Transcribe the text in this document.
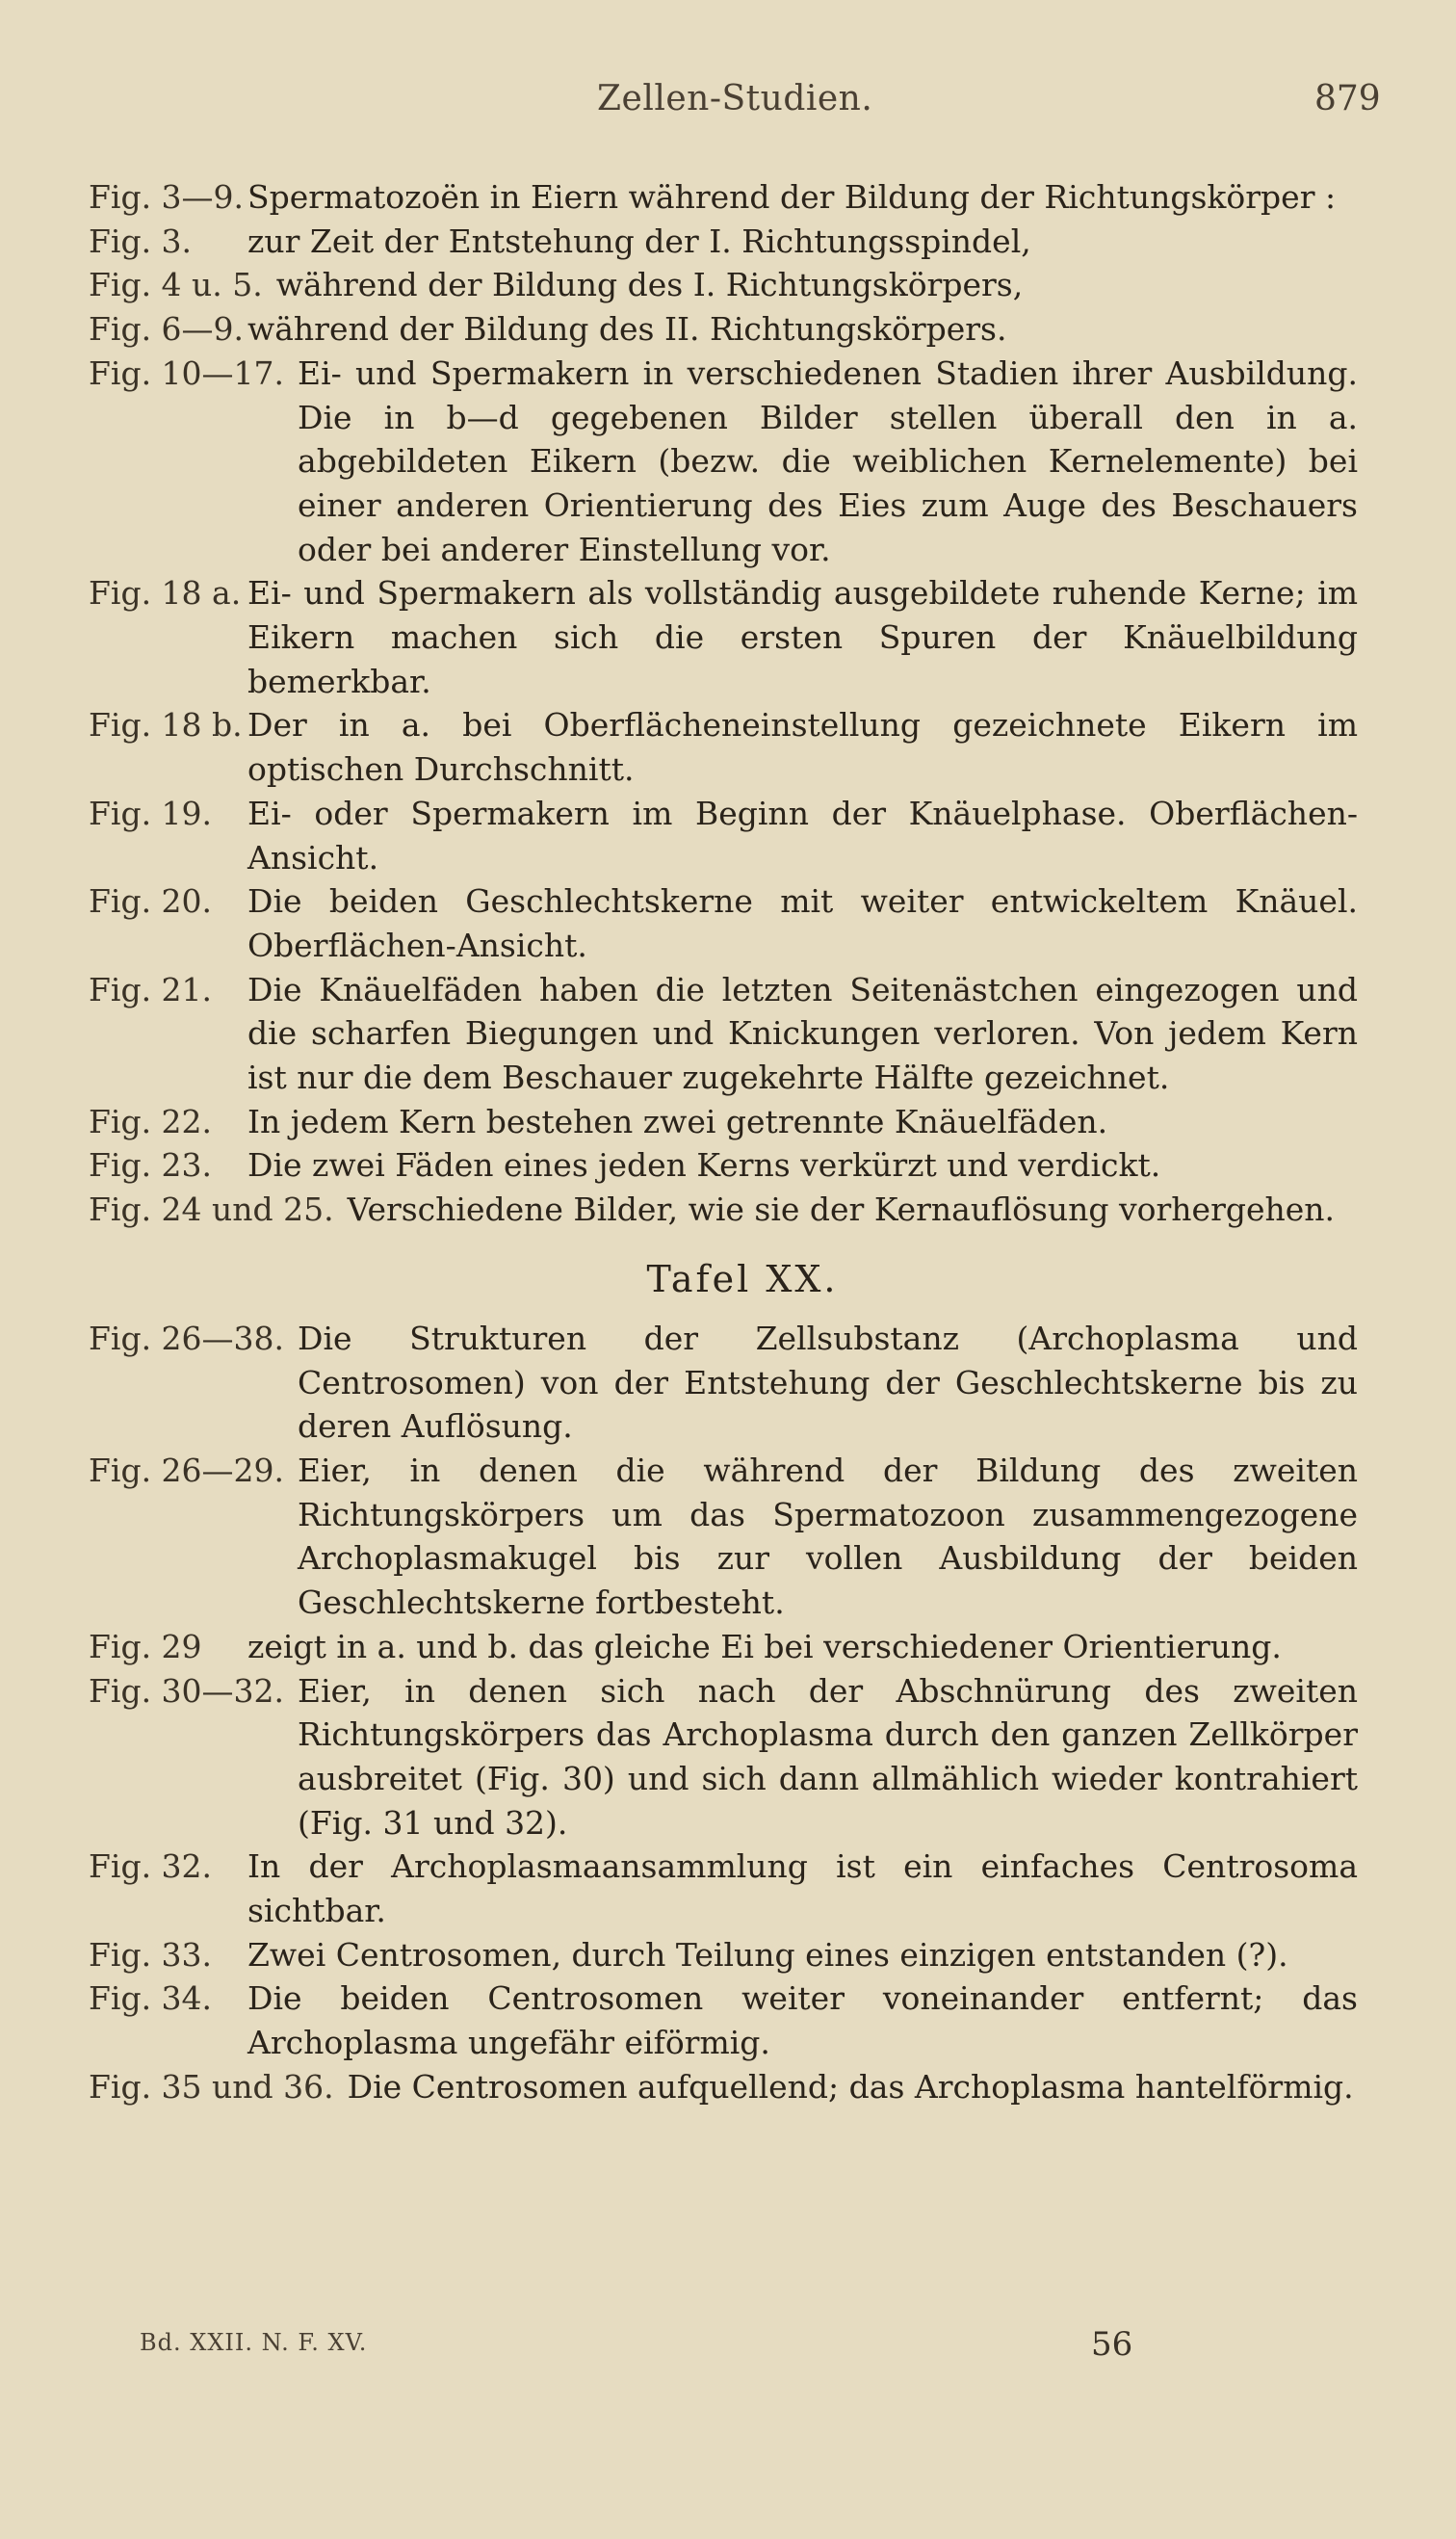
Zellen-Studien.	879
Fig. 3—9. Spermatozoën in Eiern während der Bildung der Richtungskörper :
Fig. 3.	zur Zeit der Entstehung der I. Richtungsspindel,
Fig. 4 u. 5. während der Bildung des I. Richtungskörpers,
Fig. 6—9. während der Bildung des II. Richtungskörpers.
Fig. 10—17. Ei- und Spermakern in verschiedenen Stadien ihrer Ausbildung. Die in b—d gegebenen Bilder stellen überall den in a. abgebildeten Eikern (bezw. die weiblichen Kernelemente) bei einer anderen Orientierung des Eies zum Auge des Beschauers oder bei anderer Einstellung vor.
Fig. 18 a. Ei- und Spermakern als vollständig ausgebildete ruhende Kerne; im Eikern machen sich die ersten Spuren der Knäuelbildung bemerkbar.
Fig. 18 b. Der in a. bei Oberflächeneinstellung gezeichnete Eikern im optischen Durchschnitt.
Fig. 19.	Ei- oder Spermakern im Beginn der Knäuelphase. Oberflächen-Ansicht.
Fig. 20.	Die beiden Geschlechtskerne mit weiter entwickeltem Knäuel. Oberflächen-Ansicht.
Fig. 21.	Die Knäuelfäden haben die letzten Seitenästchen eingezogen und die scharfen Biegungen und Knickungen verloren. Von jedem Kern ist nur die dem Beschauer zugekehrte Hälfte gezeichnet.
Fig. 22.	In jedem Kern bestehen zwei getrennte Knäuelfäden.
Fig. 23.	Die zwei Fäden eines jeden Kerns verkürzt und verdickt.
Fig. 24 und 25. Verschiedene Bilder, wie sie der Kernauflösung vorhergehen.
Tafel XX.
Fig. 26—38. Die Strukturen der Zellsubstanz (Archoplasma und Centrosomen) von der Entstehung der Geschlechtskerne bis zu deren Auflösung.
Fig. 26—29. Eier, in denen die während der Bildung des zweiten Richtungskörpers um das Spermatozoon zusammengezogene Archoplasmakugel bis zur vollen Ausbildung der beiden Geschlechtskerne fortbesteht.
Fig. 29	zeigt in a. und b. das gleiche Ei bei verschiedener Orientierung.
Fig. 30—32. Eier, in denen sich nach der Abschnürung des zweiten Richtungskörpers das Archoplasma durch den ganzen Zellkörper ausbreitet (Fig. 30) und sich dann allmählich wieder kontrahiert (Fig. 31 und 32).
Fig. 32.	In der Archoplasmaansammlung ist ein einfaches Centrosoma sichtbar.
Fig. 33.	Zwei Centrosomen, durch Teilung eines einzigen entstanden (?).
Fig. 34.	Die beiden Centrosomen weiter voneinander entfernt; das Archoplasma ungefähr eiförmig.
Fig. 35 und 36. Die Centrosomen aufquellend; das Archoplasma hantelförmig.
Bd. XXII. N. F. XV.	56
